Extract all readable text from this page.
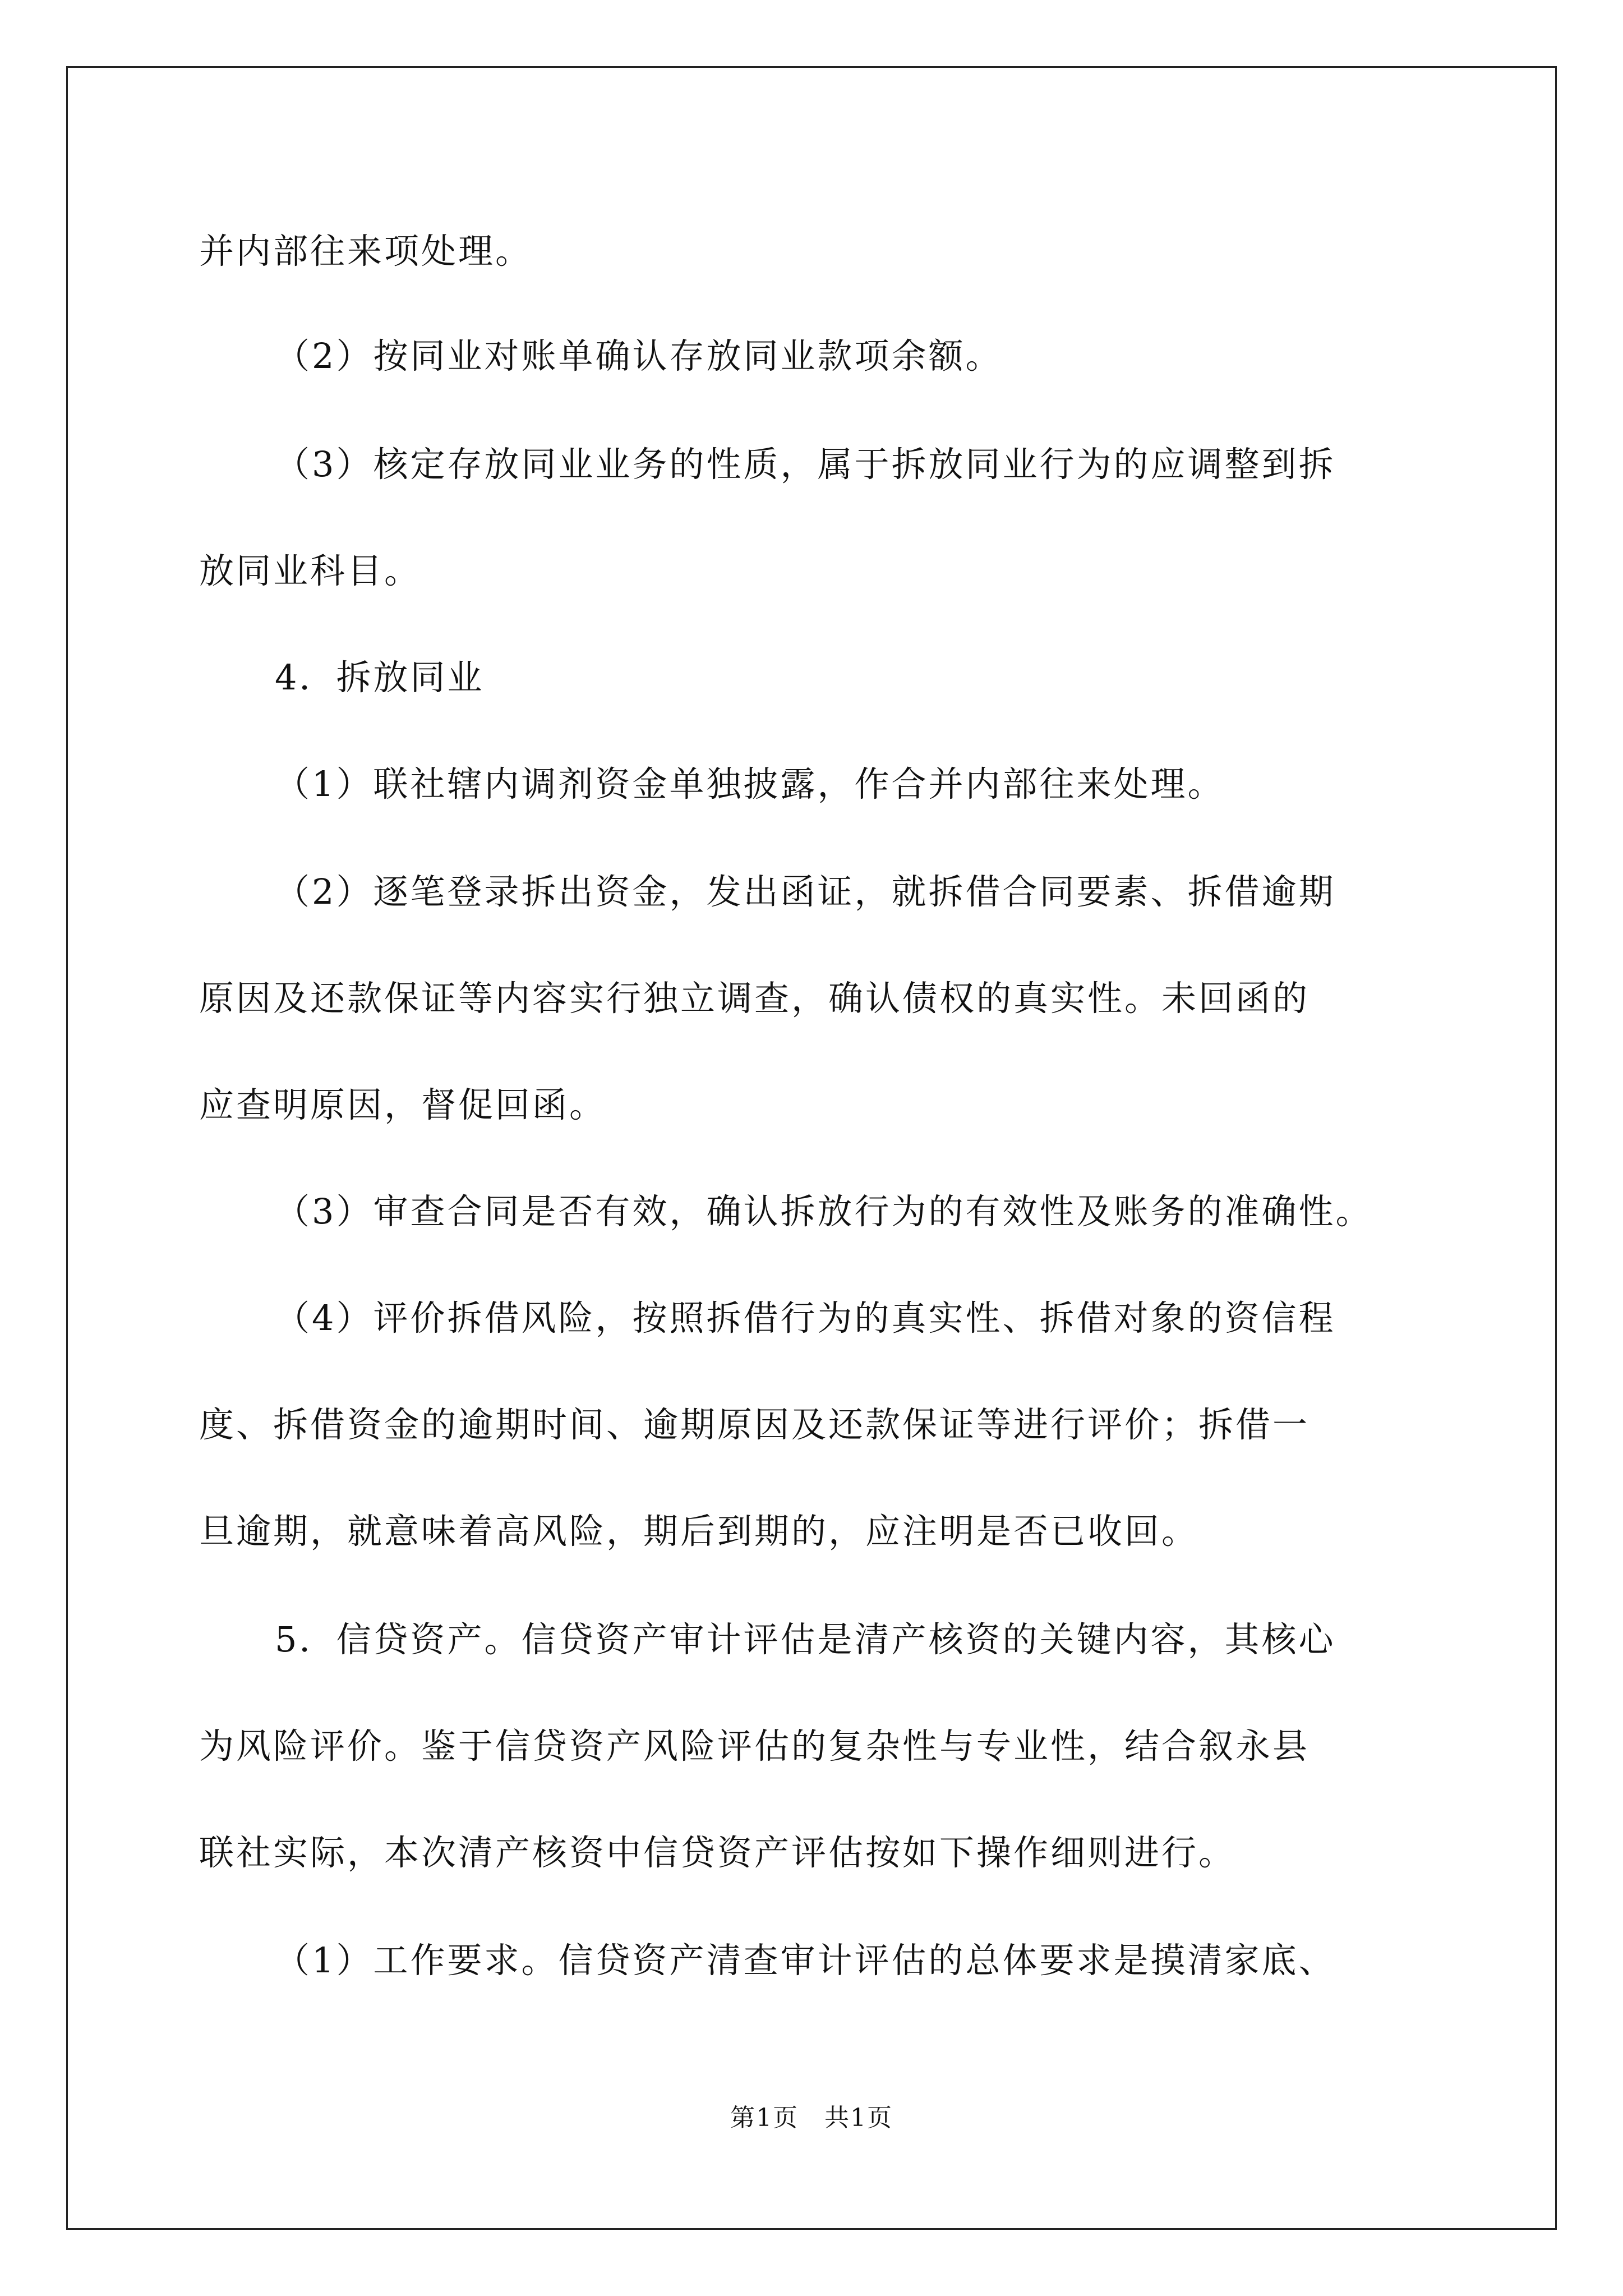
并内部往来项处理。
（2）按同业对账单确认存放同业款项余额。
（3）核定存放同业业务的性质，属于拆放同业行为的应调整到拆
放同业科目。
4．拆放同业
（1）联社辖内调剂资金单独披露，作合并内部往来处理。
（2）逐笔登录拆出资金，发出函证，就拆借合同要素、拆借逾期
原因及还款保证等内容实行独立调查，确认债权的真实性。未回函的
应查明原因，督促回函。
（3）审查合同是否有效，确认拆放行为的有效性及账务的准确性。
（4）评价拆借风险，按照拆借行为的真实性、拆借对象的资信程
度、拆借资金的逾期时间、逾期原因及还款保证等进行评价；拆借一
旦逾期，就意味着高风险，期后到期的，应注明是否已收回。
5．信贷资产。信贷资产审计评估是清产核资的关键内容，其核心
为风险评价。鉴于信贷资产风险评估的复杂性与专业性，结合叙永县
联社实际，本次清产核资中信贷资产评估按如下操作细则进行。
（1）工作要求。信贷资产清查审计评估的总体要求是摸清家底、
第1页　共1页
